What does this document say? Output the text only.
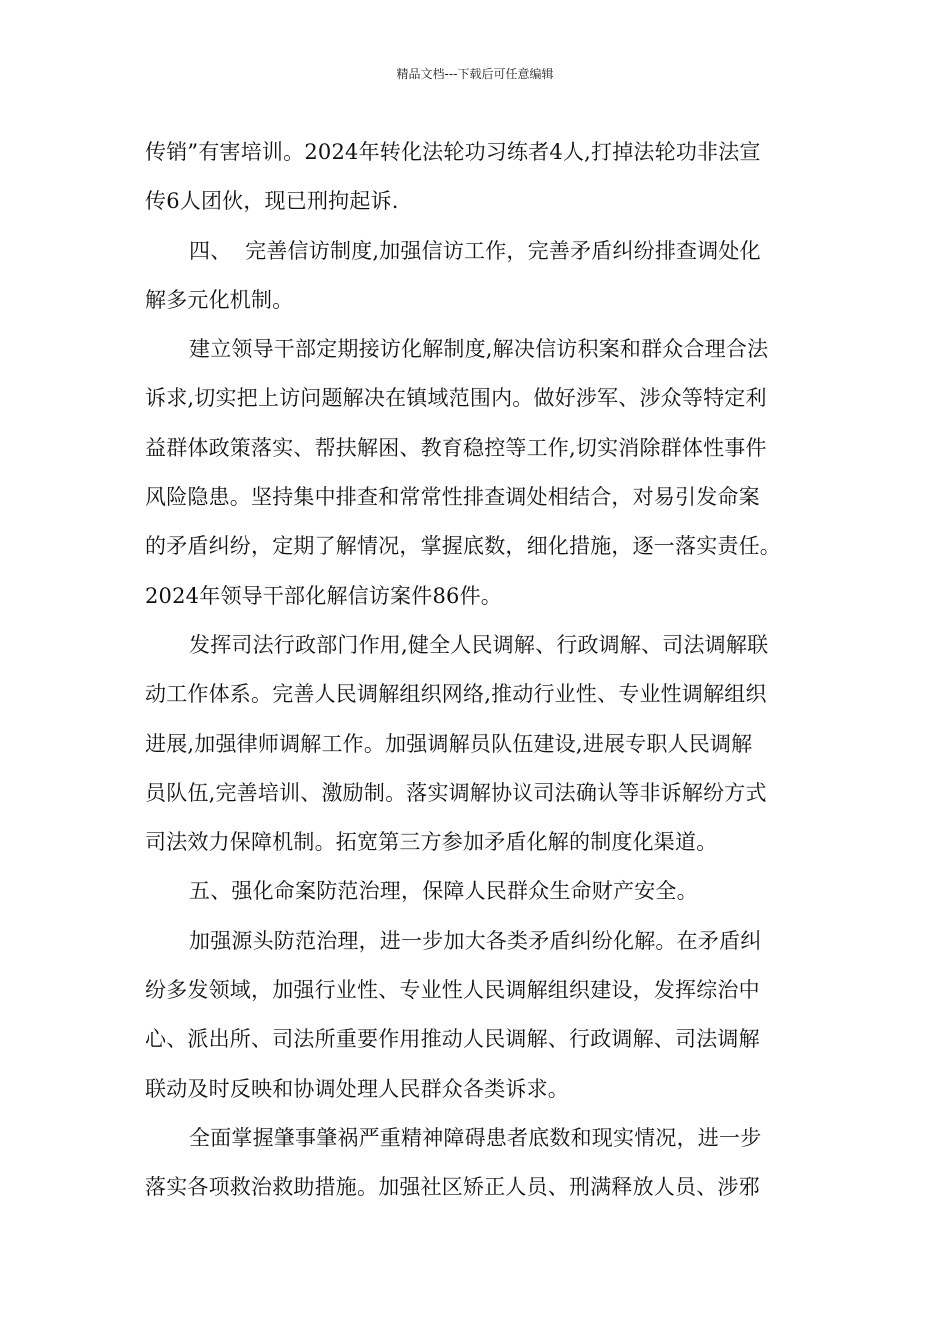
精品文档---下载后可任意编辑

传销”有害培训。2024年转化法轮功习练者4人,打掉法轮功非法宣
传6人团伙，现已刑拘起诉.

四、  完善信访制度,加强信访工作，完善矛盾纠纷排查调处化
解多元化机制。

建立领导干部定期接访化解制度,解决信访积案和群众合理合法
诉求,切实把上访问题解决在镇域范围内。做好涉军、涉众等特定利
益群体政策落实、帮扶解困、教育稳控等工作,切实消除群体性事件
风险隐患。坚持集中排查和常常性排查调处相结合，对易引发命案
的矛盾纠纷，定期了解情况，掌握底数，细化措施，逐一落实责任。
2024年领导干部化解信访案件86件。

发挥司法行政部门作用,健全人民调解、行政调解、司法调解联
动工作体系。完善人民调解组织网络,推动行业性、专业性调解组织
进展,加强律师调解工作。加强调解员队伍建设,进展专职人民调解
员队伍,完善培训、激励制。落实调解协议司法确认等非诉解纷方式
司法效力保障机制。拓宽第三方参加矛盾化解的制度化渠道。

五、强化命案防范治理，保障人民群众生命财产安全。

加强源头防范治理，进一步加大各类矛盾纠纷化解。在矛盾纠
纷多发领域，加强行业性、专业性人民调解组织建设，发挥综治中
心、派出所、司法所重要作用推动人民调解、行政调解、司法调解
联动及时反映和协调处理人民群众各类诉求。

全面掌握肇事肇祸严重精神障碍患者底数和现实情况，进一步
落实各项救治救助措施。加强社区矫正人员、刑满释放人员、涉邪
